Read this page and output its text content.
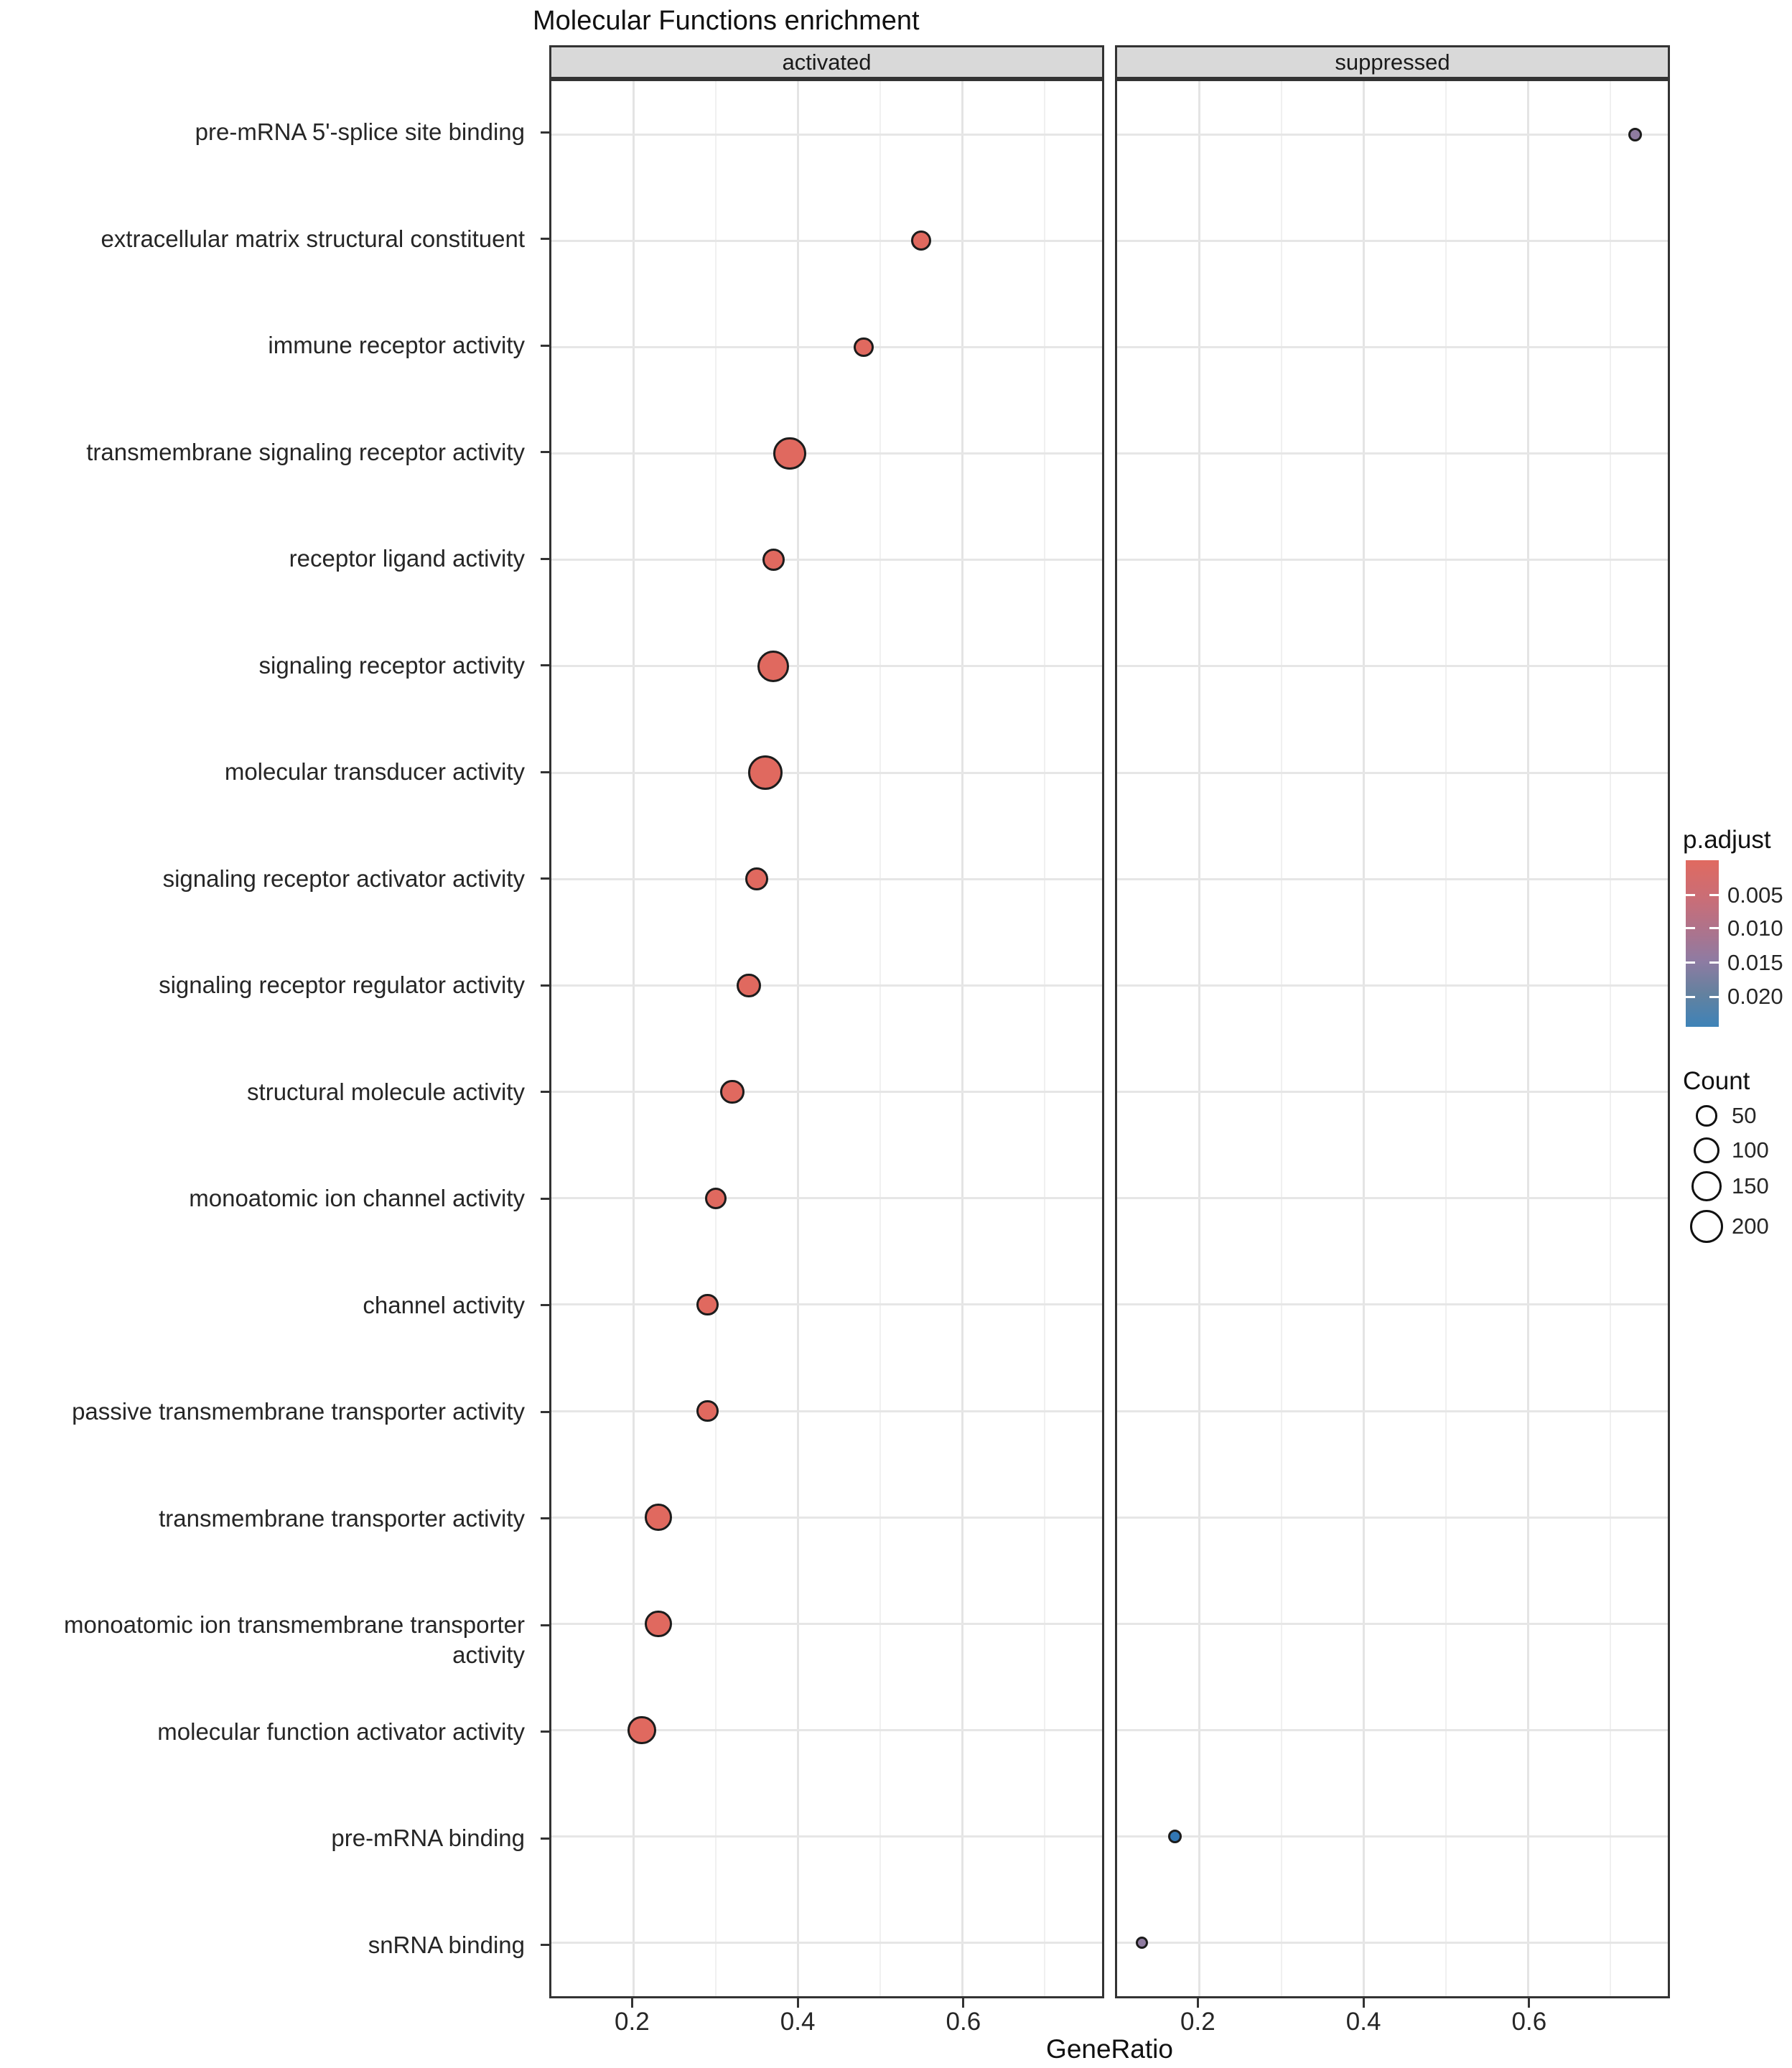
Molecular Functions enrichment
activated	suppressed
pre-mRNA 5'-splice site binding
extracellular matrix structural constituent
immune receptor activity
transmembrane signaling receptor activity
receptor ligand activity
signaling receptor activity
molecular transducer activity
signaling receptor activator activity
signaling receptor regulator activity
structural molecule activity
monoatomic ion channel activity
channel activity
passive transmembrane transporter activity
transmembrane transporter activity
monoatomic ion transmembrane transporter activity
molecular function activator activity
pre-mRNA binding
snRNA binding
0.2	0.4	0.6	0.2	0.4	0.6
GeneRatio
p.adjust
0.005
0.010
0.015
0.020
Count
50
100
150
200
